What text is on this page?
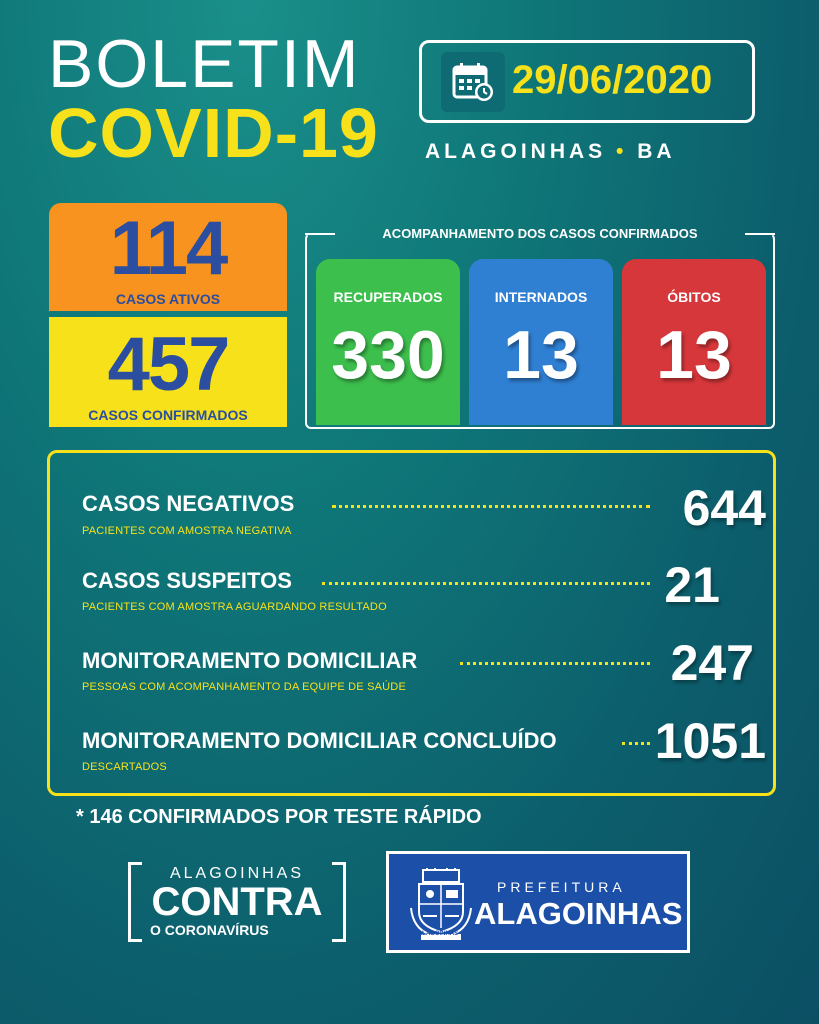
BOLETIM
COVID-19
29/06/2020
ALAGOINHAS • BA
114
CASOS ATIVOS
457
CASOS CONFIRMADOS
ACOMPANHAMENTO DOS CASOS CONFIRMADOS
RECUPERADOS
330
INTERNADOS
13
ÓBITOS
13
CASOS NEGATIVOS	644
PACIENTES COM AMOSTRA NEGATIVA
CASOS SUSPEITOS	21
PACIENTES COM AMOSTRA AGUARDANDO RESULTADO
MONITORAMENTO DOMICILIAR	247
PESSOAS COM ACOMPANHAMENTO DA EQUIPE DE SAÚDE
MONITORAMENTO DOMICILIAR CONCLUÍDO 1051
DESCARTADOS
* 146 CONFIRMADOS POR TESTE RÁPIDO
ALAGOINHAS
CONTRA
O CORONAVÍRUS	ALAGOINHAS
PREFEITURA
ALAGOINHAS
